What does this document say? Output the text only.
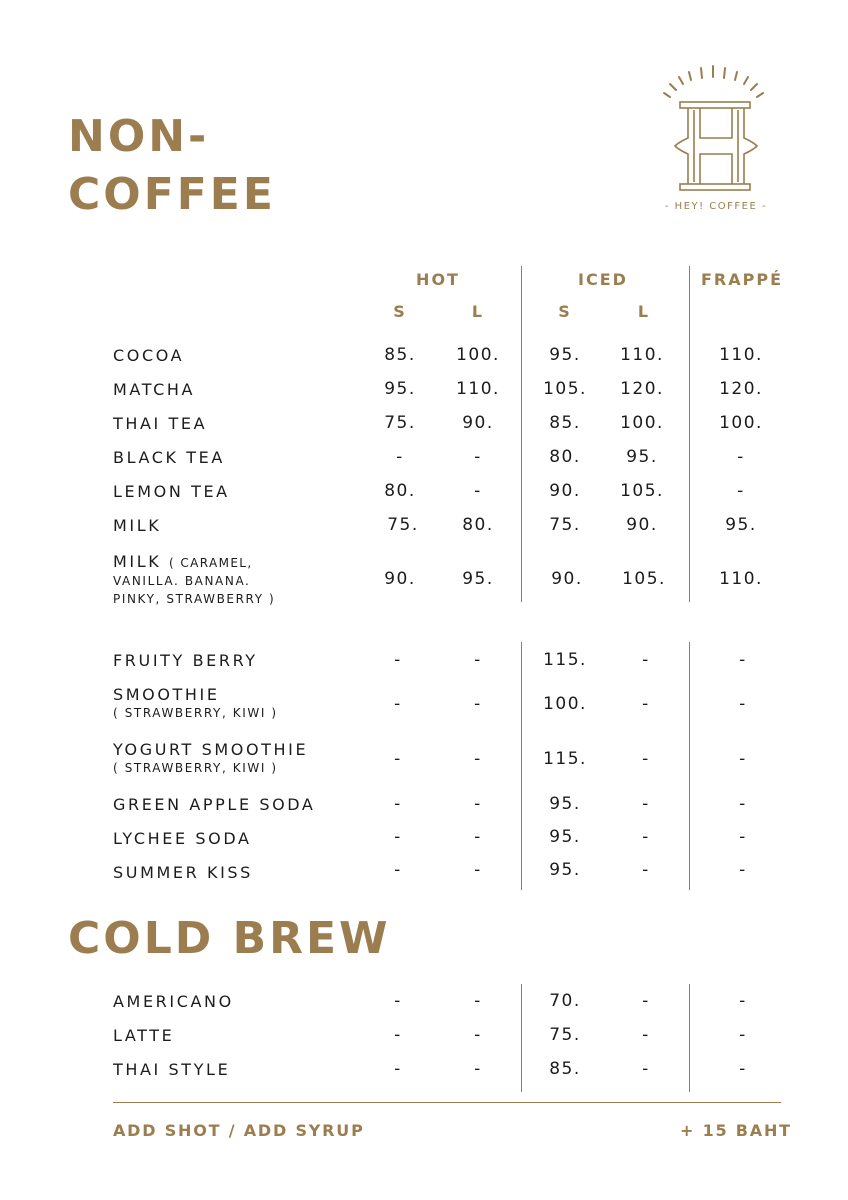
NON-
COFFEE
COLD BREW
- HEY! COFFEE -
HOT	ICED	FRAPPÉ
S	L	S	L
COCOA	85.	100.	95.	110.	110.
MATCHA	95.	110.	105.	120.	120.
THAI TEA	75.	90.	85.	100.	100.
BLACK TEA	-	-	80.	95.	-
LEMON TEA	80.	-	90.	105.	-
MILK	75.	80.	75.	90.	95.
MILK ( CARAMEL,
VANILLA. BANANA.
PINKY, STRAWBERRY )
90.	95.	90.	105.	110.
FRUITY BERRY	-	-	115.	-	-
SMOOTHIE
( STRAWBERRY, KIWI )	-	-	100.	-	-
YOGURT SMOOTHIE
( STRAWBERRY, KIWI )	-	-	115.	-	-
GREEN APPLE SODA	-	-	95.	-	-
LYCHEE SODA	-	-	95.	-	-
SUMMER KISS	-	-	95.	-	-
AMERICANO	-	-	70.	-	-
LATTE	-	-	75.	-	-
THAI STYLE	-	-	85.	-	-
ADD SHOT / ADD SYRUP	+ 15 BAHT
